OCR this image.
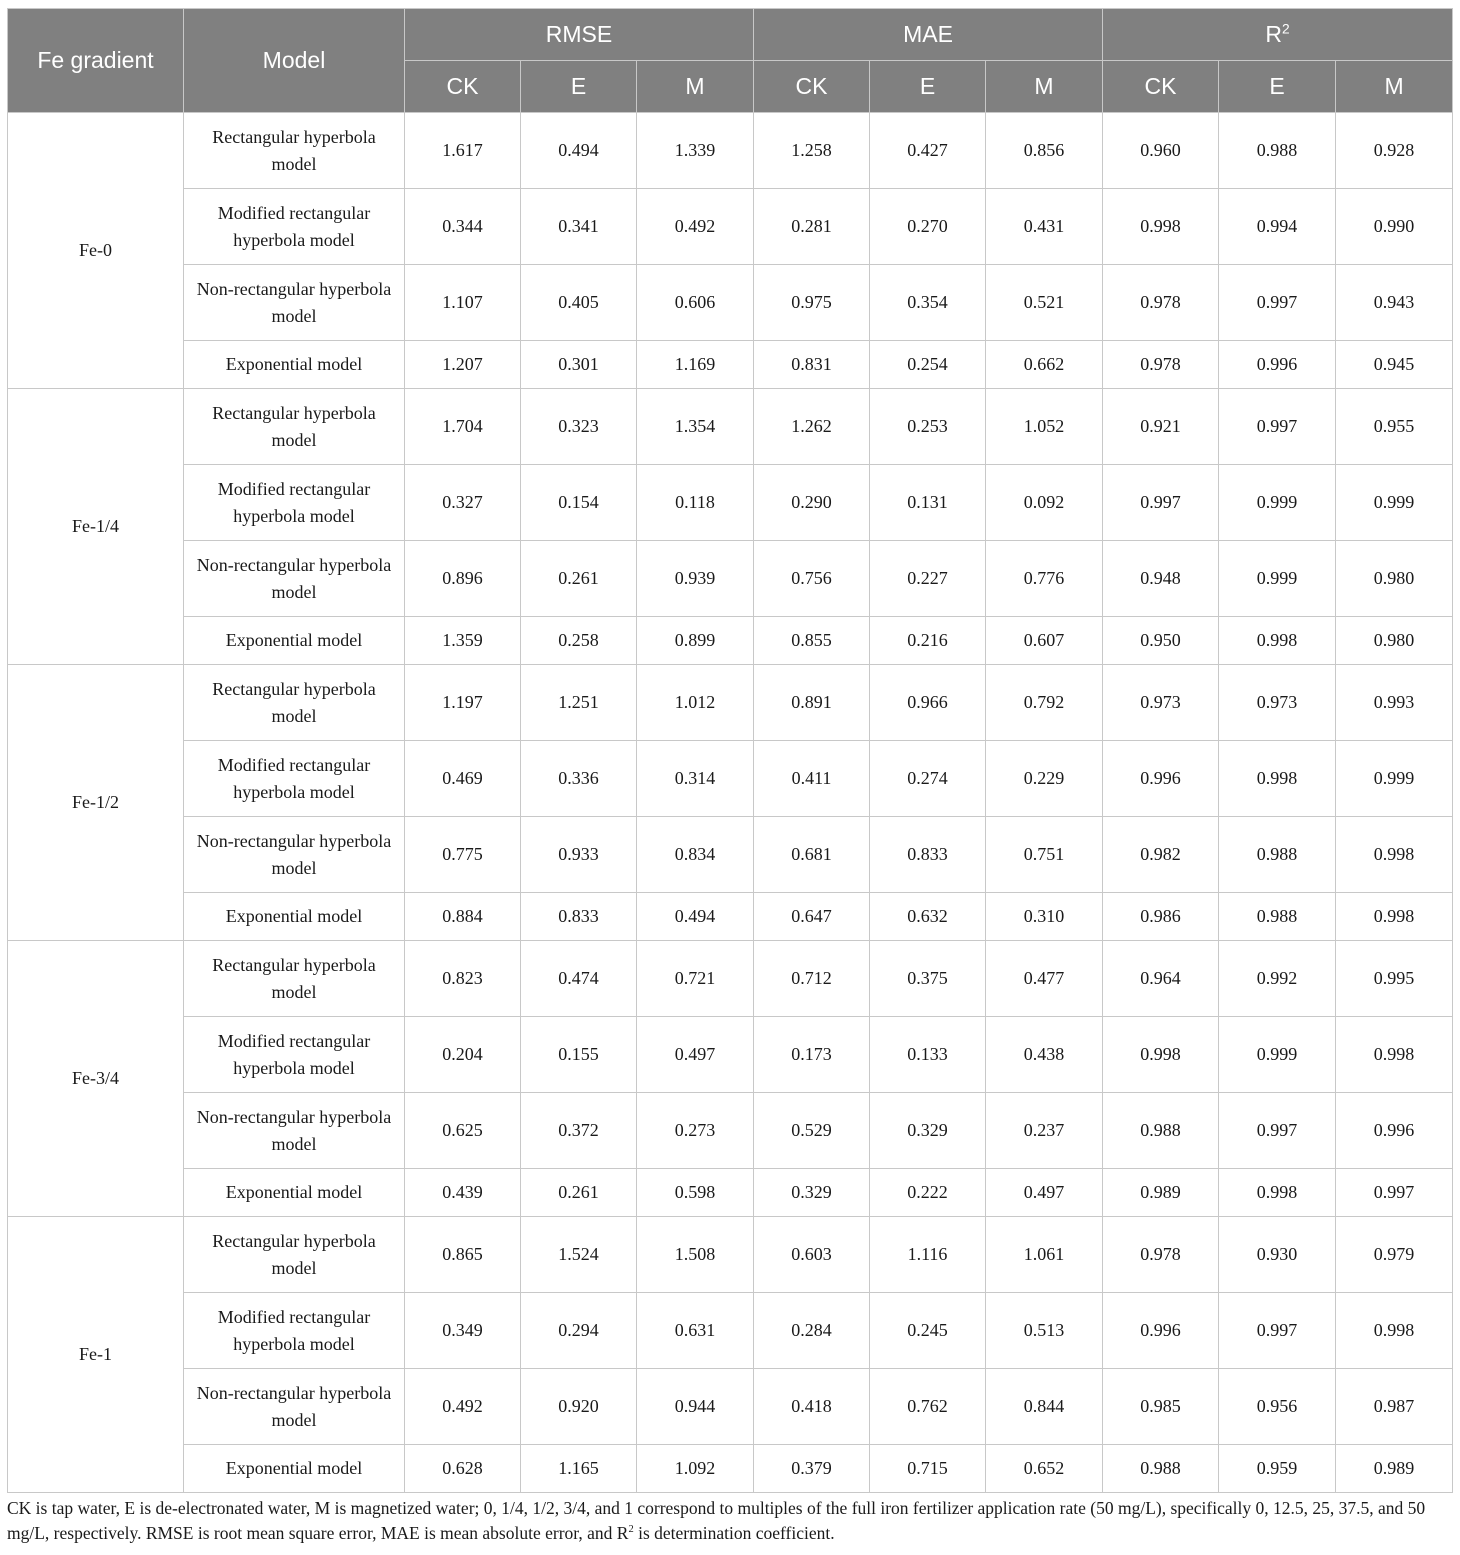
Fe gradient	Model	RMSE			MAE			$R^2$
		CK	E	M	CK	E	M	CK	E	M
Fe-0	Rectangular hyperbola model	1.617	0.494	1.339	1.258	0.427	0.856	0.960	0.988	0.928
	Modified rectangular hyperbola model	0.344	0.341	0.492	0.281	0.270	0.431	0.998	0.994	0.990
	Non-rectangular hyperbola model	1.107	0.405	0.606	0.975	0.354	0.521	0.978	0.997	0.943
	Exponential model	1.207	0.301	1.169	0.831	0.254	0.662	0.978	0.996	0.945
Fe-1/4	Rectangular hyperbola model	1.704	0.323	1.354	1.262	0.253	1.052	0.921	0.997	0.955
	Modified rectangular hyperbola model	0.327	0.154	0.118	0.290	0.131	0.092	0.997	0.999	0.999
	Non-rectangular hyperbola model	0.896	0.261	0.939	0.756	0.227	0.776	0.948	0.999	0.980
	Exponential model	1.359	0.258	0.899	0.855	0.216	0.607	0.950	0.998	0.980
Fe-1/2	Rectangular hyperbola model	1.197	1.251	1.012	0.891	0.966	0.792	0.973	0.973	0.993
	Modified rectangular hyperbola model	0.469	0.336	0.314	0.411	0.274	0.229	0.996	0.998	0.999
	Non-rectangular hyperbola model	0.775	0.933	0.834	0.681	0.833	0.751	0.982	0.988	0.998
	Exponential model	0.884	0.833	0.494	0.647	0.632	0.310	0.986	0.988	0.998
Fe-3/4	Rectangular hyperbola model	0.823	0.474	0.721	0.712	0.375	0.477	0.964	0.992	0.995
	Modified rectangular hyperbola model	0.204	0.155	0.497	0.173	0.133	0.438	0.998	0.999	0.998
	Non-rectangular hyperbola model	0.625	0.372	0.273	0.529	0.329	0.237	0.988	0.997	0.996
	Exponential model	0.439	0.261	0.598	0.329	0.222	0.497	0.989	0.998	0.997
Fe-1	Rectangular hyperbola model	0.865	1.524	1.508	0.603	1.116	1.061	0.978	0.930	0.979
	Modified rectangular hyperbola model	0.349	0.294	0.631	0.284	0.245	0.513	0.996	0.997	0.998
	Non-rectangular hyperbola model	0.492	0.920	0.944	0.418	0.762	0.844	0.985	0.956	0.987
	Exponential model	0.628	1.165	1.092	0.379	0.715	0.652	0.988	0.959	0.989

CK is tap water, E is de-electronated water, M is magnetized water; 0, 1/4, 1/2, 3/4, and 1 correspond to multiples of the full iron fertilizer application rate (50 mg/L), specifically 0, 12.5, 25, 37.5, and 50 mg/L, respectively. RMSE is root mean square error, MAE is mean absolute error, and $R^2$ is determination coefficient.
